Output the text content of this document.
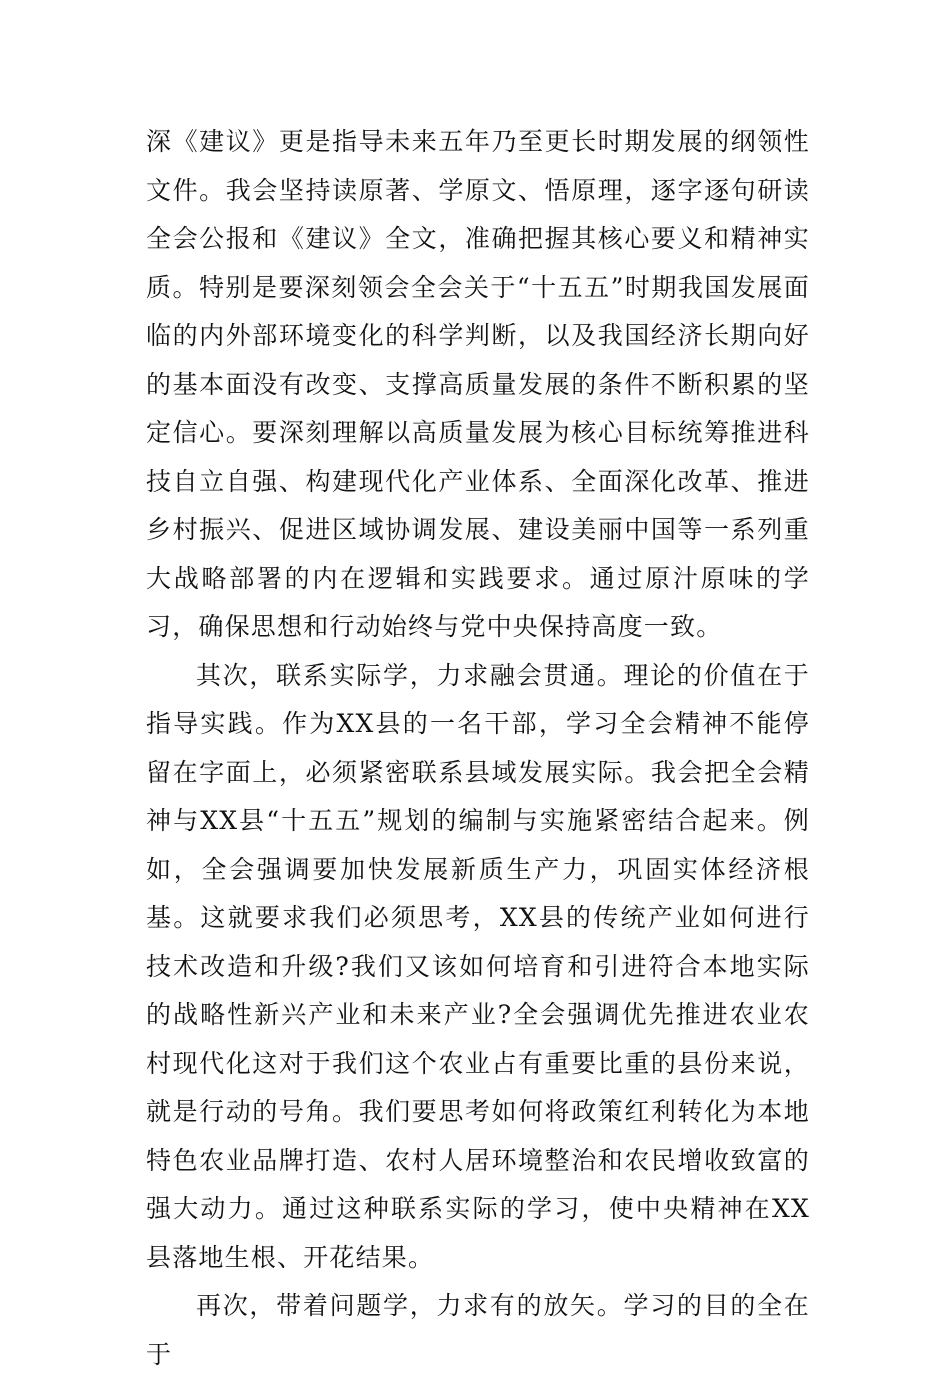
深《建议》更是指导未来五年乃至更长时期发展的纲领性文件。我会坚持读原著、学原文、悟原理，逐字逐句研读全会公报和《建议》全文，准确把握其核心要义和精神实质。特别是要深刻领会全会关于“十五五”时期我国发展面临的内外部环境变化的科学判断，以及我国经济长期向好的基本面没有改变、支撑高质量发展的条件不断积累的坚定信心。要深刻理解以高质量发展为核心目标统筹推进科技自立自强、构建现代化产业体系、全面深化改革、推进乡村振兴、促进区域协调发展、建设美丽中国等一系列重大战略部署的内在逻辑和实践要求。通过原汁原味的学习，确保思想和行动始终与党中央保持高度一致。

其次，联系实际学，力求融会贯通。理论的价值在于指导实践。作为XX县的一名干部，学习全会精神不能停留在字面上，必须紧密联系县域发展实际。我会把全会精神与XX县“十五五”规划的编制与实施紧密结合起来。例如，全会强调要加快发展新质生产力，巩固实体经济根基。这就要求我们必须思考，XX县的传统产业如何进行技术改造和升级?我们又该如何培育和引进符合本地实际的战略性新兴产业和未来产业?全会强调优先推进农业农村现代化这对于我们这个农业占有重要比重的县份来说，就是行动的号角。我们要思考如何将政策红利转化为本地特色农业品牌打造、农村人居环境整治和农民增收致富的强大动力。通过这种联系实际的学习，使中央精神在XX县落地生根、开花结果。

再次，带着问题学，力求有的放矢。学习的目的全在于
